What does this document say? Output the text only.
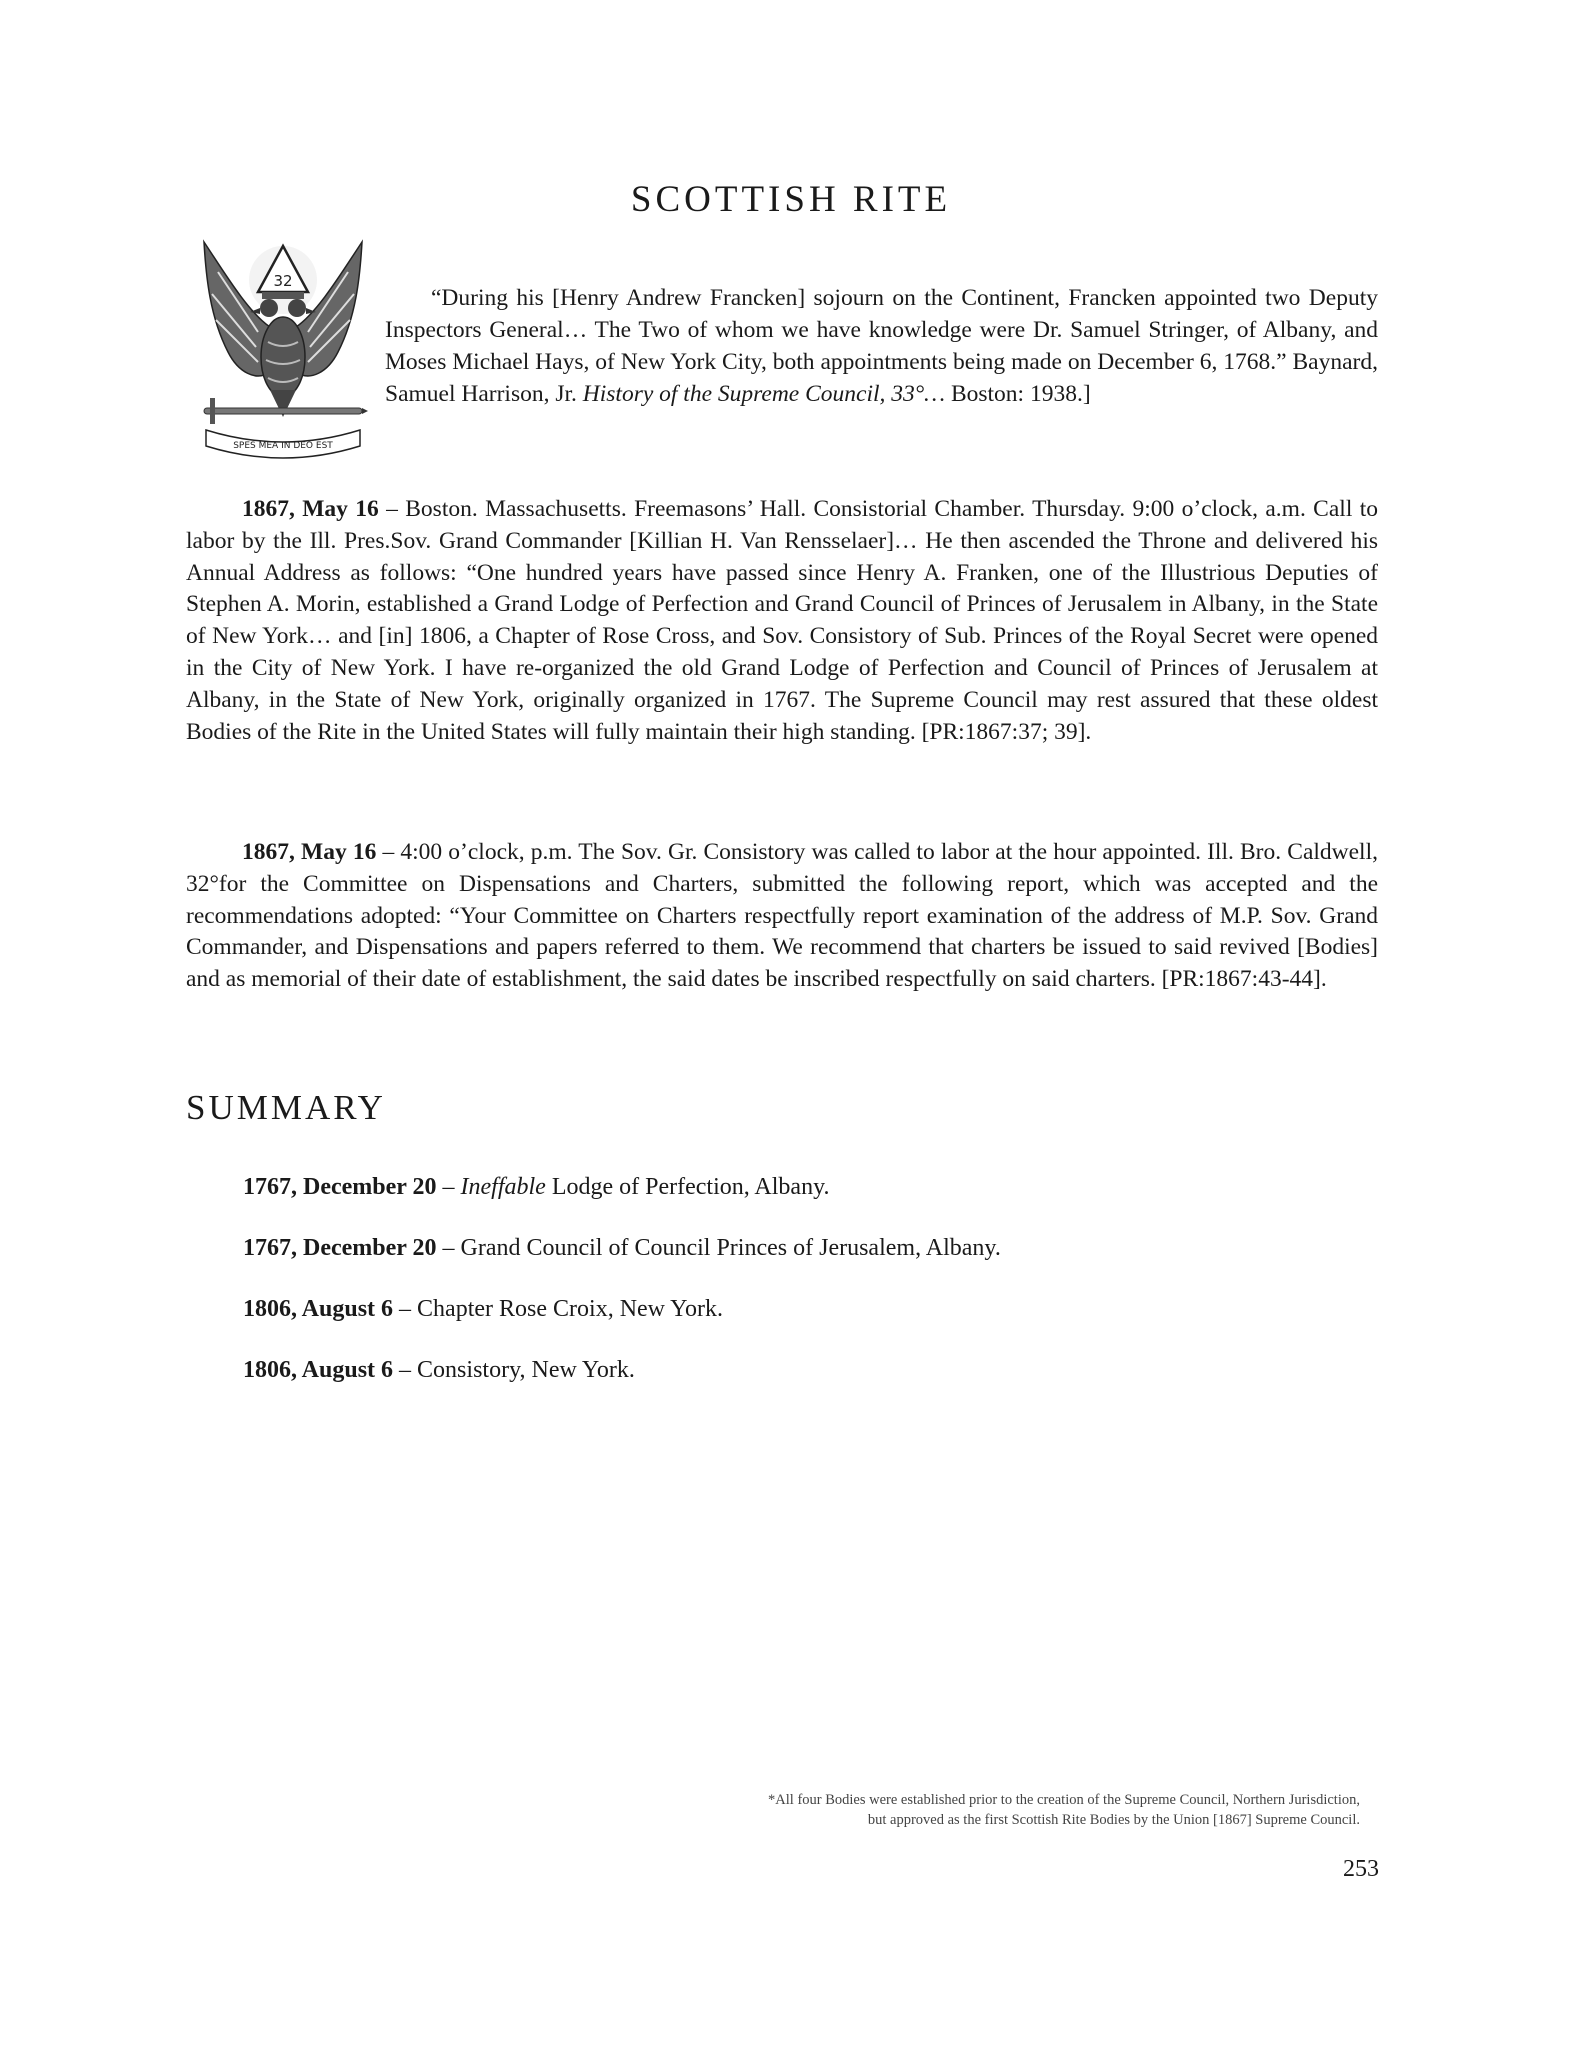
SCOTTISH RITE
32
SPES MEA IN DEO EST

“During his [Henry Andrew Francken] sojourn on the Continent, Francken appointed two Deputy Inspectors General… The Two of whom we have knowledge were Dr. Samuel Stringer, of Albany, and Moses Michael Hays, of New York City, both appointments being made on December 6, 1768.” Baynard, Samuel Harrison, Jr. History of the Supreme Council, 33°… Boston: 1938.]

1867, May 16 – Boston. Massachusetts. Freemasons’ Hall. Consistorial Chamber. Thursday. 9:00 o’clock, a.m. Call to labor by the Ill. Pres.Sov. Grand Commander [Killian H. Van Rensselaer]… He then ascended the Throne and delivered his Annual Address as follows: “One hundred years have passed since Henry A. Franken, one of the Illustrious Deputies of Stephen A. Morin, established a Grand Lodge of Perfection and Grand Council of Princes of Jerusalem in Albany, in the State of New York… and [in] 1806, a Chapter of Rose Cross, and Sov. Consistory of Sub. Princes of the Royal Secret were opened in the City of New York. I have re-organized the old Grand Lodge of Perfection and Council of Princes of Jerusalem at Albany, in the State of New York, originally organized in 1767. The Supreme Council may rest assured that these oldest Bodies of the Rite in the United States will fully maintain their high standing. [PR:1867:37; 39].

1867, May 16 – 4:00 o’clock, p.m. The Sov. Gr. Consistory was called to labor at the hour appointed. Ill. Bro. Caldwell, 32°for the Committee on Dispensations and Charters, submitted the following report, which was accepted and the recommendations adopted: “Your Committee on Charters respectfully report examination of the address of M.P. Sov. Grand Commander, and Dispensations and papers referred to them. We recommend that charters be issued to said revived [Bodies] and as memorial of their date of establishment, the said dates be inscribed respectfully on said charters. [PR:1867:43-44].

SUMMARY

1767, December 20 – Ineffable Lodge of Perfection, Albany.

1767, December 20 – Grand Council of Council Princes of Jerusalem, Albany.

1806, August 6 – Chapter Rose Croix, New York.

1806, August 6 – Consistory, New York.

*All four Bodies were established prior to the creation of the Supreme Council, Northern Jurisdiction,
but approved as the first Scottish Rite Bodies by the Union [1867] Supreme Council.

253
